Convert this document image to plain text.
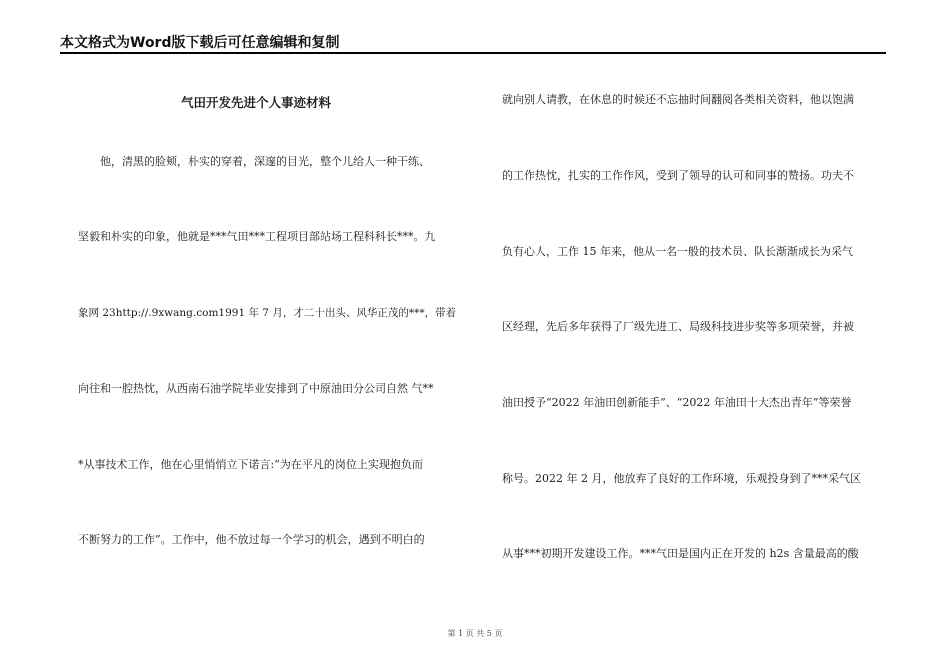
本文格式为Word版下载后可任意编辑和复制
气田开发先进个人事迹材料
他，清黑的脸颊，朴实的穿着，深邃的目光，整个儿给人一种干练、
坚毅和朴实的印象，他就是***气田***工程项目部站场工程科科长***。九
象网 23http://.9xwang.com1991 年 7 月，才二十出头、风华正茂的***，带着
向往和一腔热忱，从西南石油学院毕业安排到了中原油田分公司自然 气**
*从事技术工作，他在心里悄悄立下诺言:“为在平凡的岗位上实现抱负而
不断努力的工作”。工作中，他不放过每一个学习的机会，遇到不明白的
就向别人请教，在休息的时候还不忘抽时间翻阅各类相关资料，他以饱满
的工作热忱，扎实的工作作风，受到了领导的认可和同事的赞扬。功夫不
负有心人，工作 15 年来，他从一名一般的技术员、队长渐渐成长为采气
区经理，先后多年获得了厂级先进工、局级科技进步奖等多项荣誉，并被
油田授予“2022 年油田创新能手”、“2022 年油田十大杰出青年”等荣誉
称号。2022 年 2 月，他放弃了良好的工作环境，乐观投身到了***采气区
从事***初期开发建设工作。***气田是国内正在开发的 h2s 含量最高的酸
第 1 页 共 5 页
